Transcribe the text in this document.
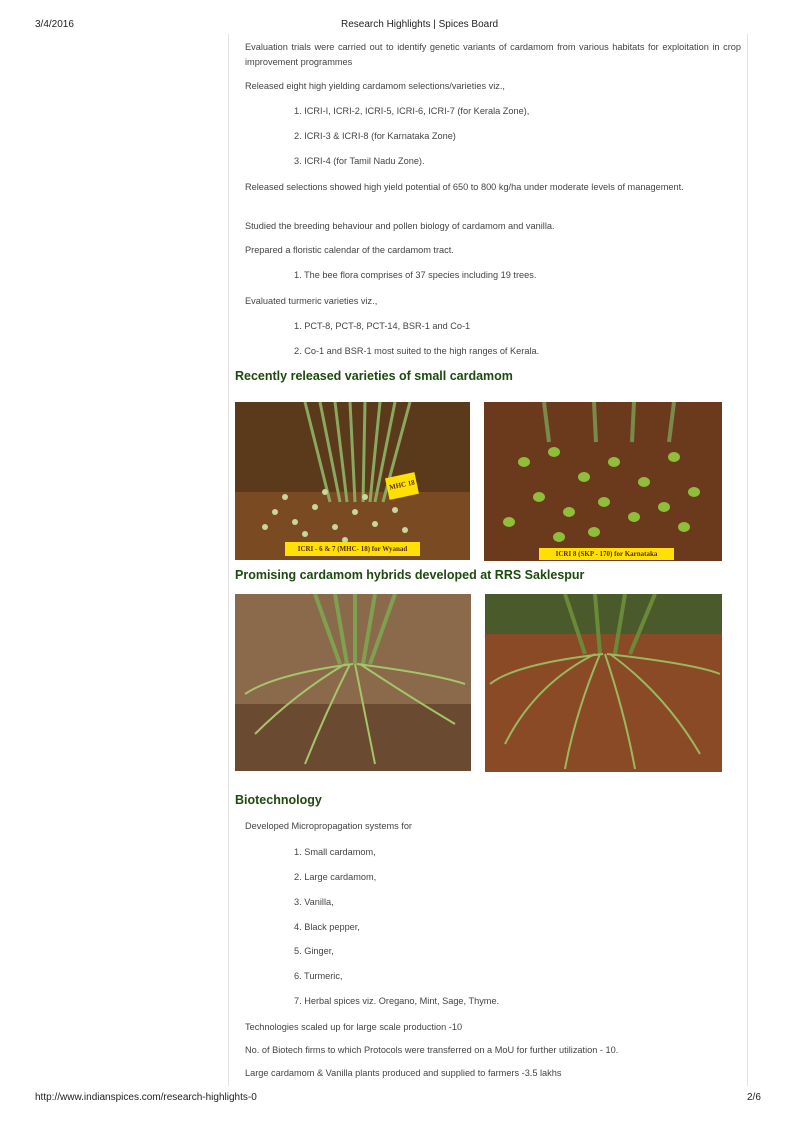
3/4/2016	Research Highlights | Spices Board
Evaluation trials were carried out to identify genetic variants of cardamom from various habitats for exploitation in crop improvement programmes
Released eight high yielding cardamom selections/varieties viz.,
1. ICRI-I, ICRI-2, ICRI-5, ICRI-6, ICRI-7 (for Kerala Zone),
2. ICRI-3 & ICRI-8 (for Karnataka Zone)
3. ICRI-4 (for Tamil Nadu Zone).
Released selections showed high yield potential of 650 to 800 kg/ha under moderate levels of management.
Studied the breeding behaviour and pollen biology of cardamom and vanilla.
Prepared a floristic calendar of the cardamom tract.
1. The bee flora comprises of 37 species including 19 trees.
Evaluated turmeric varieties viz.,
1. PCT-8, PCT-8, PCT-14, BSR-1 and Co-1
2. Co-1 and BSR-1 most suited to the high ranges of Kerala.
Recently released varieties of small cardamom
ICRI - 6 & 7 (MHC- 18) for Wyanad
MHC 18
ICRI 8 (SKP - 170) for Karnataka
Promising cardamom hybrids developed at RRS Saklespur
Biotechnology
Developed Micropropagation systems for
1. Small cardamom,
2. Large cardamom,
3. Vanilla,
4. Black pepper,
5. Ginger,
6. Turmeric,
7. Herbal spices viz. Oregano, Mint, Sage, Thyme.
Technologies scaled up for large scale production -10
No. of Biotech firms to which Protocols were transferred on a MoU for further utilization - 10.
Large cardamom & Vanilla plants produced and supplied to farmers -3.5 lakhs
http://www.indianspices.com/research-highlights-0	2/6
